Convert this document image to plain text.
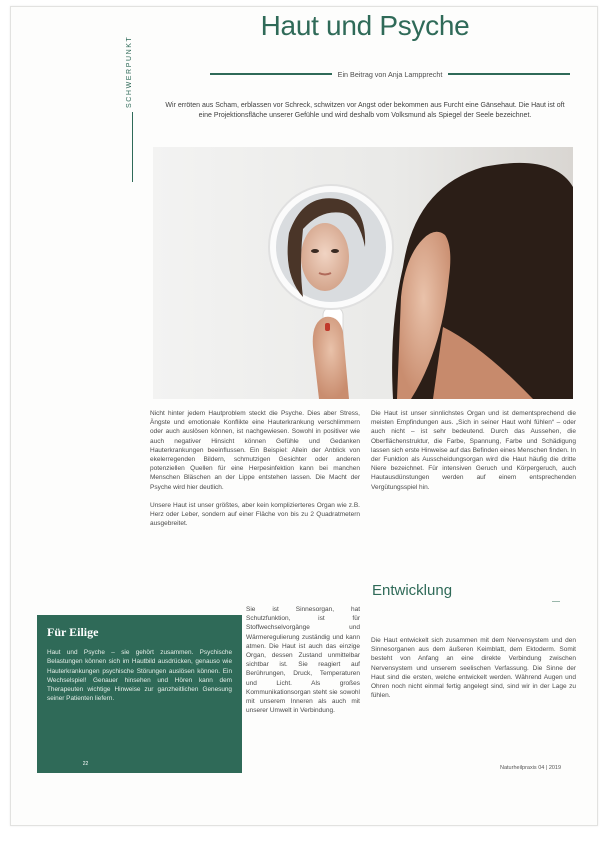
SCHWERPUNKT
Haut und Psyche
Ein Beitrag von Anja Lampprecht
Wir erröten aus Scham, erblassen vor Schreck, schwitzen vor Angst oder bekommen aus Furcht eine Gänsehaut. Die Haut ist oft eine Projektionsfläche unserer Gefühle und wird deshalb vom Volksmund als Spiegel der Seele bezeichnet.

Nicht hinter jedem Hautproblem steckt die Psyche. Dies aber Stress, Ängste und emotionale Konflikte eine Hauterkrankung verschlimmern oder auch auslösen können, ist nachgewiesen. Sowohl in positiver wie auch negativer Hinsicht können Gefühle und Gedanken Hauterkrankungen beeinflussen. Ein Beispiel: Allein der Anblick von ekelerregenden Bildern, schmutzigen Gesichter oder anderen potenziellen Quellen für eine Herpesinfektion kann bei manchen Menschen Bläschen an der Lippe entstehen lassen. Die Macht der Psyche wird hier deutlich.

Unsere Haut ist unser größtes, aber kein komplizierteres Organ wie z.B. Herz oder Leber, sondern auf einer Fläche von bis zu 2 Quadratmetern ausgebreitet.

Sie ist Sinnesorgan, hat Schutzfunktion, ist für Stoffwechselvorgänge und Wärmeregulierung zuständig und kann atmen. Die Haut ist auch das einzige Organ, dessen Zustand unmittelbar sichtbar ist. Sie reagiert auf Berührungen, Druck, Temperaturen und Licht. Als großes Kommunikationsorgan steht sie sowohl mit unserem Inneren als auch mit unserer Umwelt in Verbindung.

Die Haut ist unser sinnlichstes Organ und ist dementsprechend die meisten Empfindungen aus. „Sich in seiner Haut wohl fühlen“ – oder auch nicht – ist sehr bedeutend. Durch das Aussehen, die Oberflächenstruktur, die Farbe, Spannung, Farbe und Schädigung lassen sich erste Hinweise auf das Befinden eines Menschen finden. In der Funktion als Ausscheidungsorgan wird die Haut häufig die dritte Niere bezeichnet. Für intensiven Geruch und Körpergeruch, auch Hautausdünstungen werden auf einem entsprechenden Vergütungsspiel hin.

Entwicklung

Die Haut entwickelt sich zusammen mit dem Nervensystem und den Sinnesorganen aus dem äußeren Keimblatt, dem Ektoderm. Somit besteht von Anfang an eine direkte Verbindung zwischen Nervensystem und unserem seelischen Verfassung. Die Sinne der Haut sind die ersten, welche entwickelt werden. Während Augen und Ohren noch nicht einmal fertig angelegt sind, sind wir in der Lage zu fühlen.

Für Eilige
Haut und Psyche – sie gehört zusammen. Psychische Belastungen können sich im Hautbild ausdrücken, genauso wie Hauterkrankungen psychische Störungen auslösen können. Ein Wechselspiel! Genauer hinsehen und Hören kann dem Therapeuten wichtige Hinweise zur ganzheitlichen Genesung seiner Patienten liefern.
22
Naturheilpraxis 04 | 2019
